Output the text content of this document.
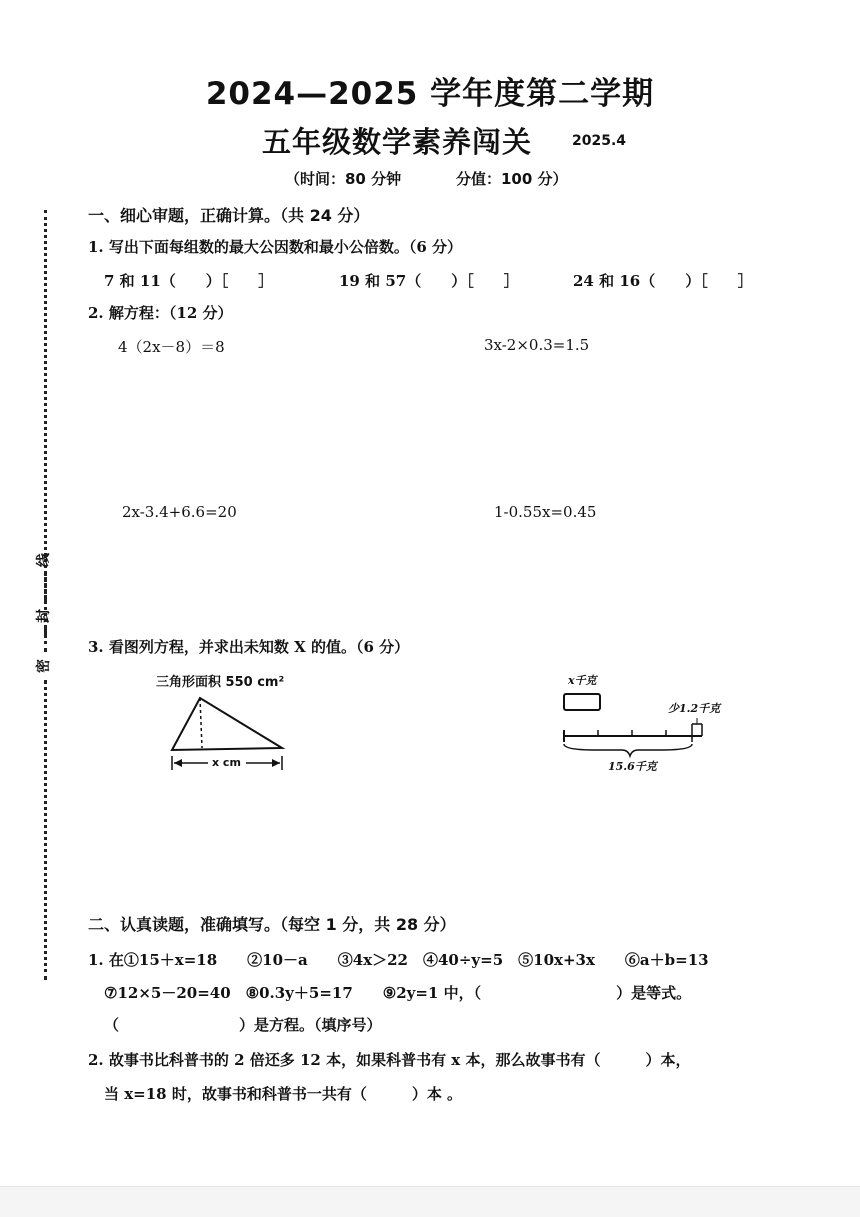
2024—2025 学年度第二学期
五年级数学素养闯关	2025.4
（时间：80 分钟	分值：100 分）
线
封
密
一、细心审题，正确计算。（共 24 分）
1. 写出下面每组数的最大公因数和最小公倍数。（6 分）
7 和 11（　　）［　　］	19 和 57（　　）［　　］	24 和 16（　　）［　　］
2. 解方程：（12 分）
4（2x－8）＝8	3x-2×0.3=1.5
2x-3.4+6.6=20	1-0.55x=0.45
3. 看图列方程，并求出未知数 X 的值。（6 分）
三角形面积 550 cm²
x cm
x千克
少1.2千克
15.6千克
二、认真读题，准确填写。（每空 1 分，共 28 分）
1. 在①15＋x=18　　②10－a　　③4x＞22　④40÷y=5　⑤10x+3x　　⑥a＋b=13
⑦12×5－20=40　⑧0.3y＋5=17　　⑨2y=1 中，（　　　　　　　　　）是等式。
（　　　　　　　　）是方程。（填序号）
2. 故事书比科普书的 2 倍还多 12 本，如果科普书有 x 本，那么故事书有（　　　）本，
当 x=18 时，故事书和科普书一共有（　　　）本 。
